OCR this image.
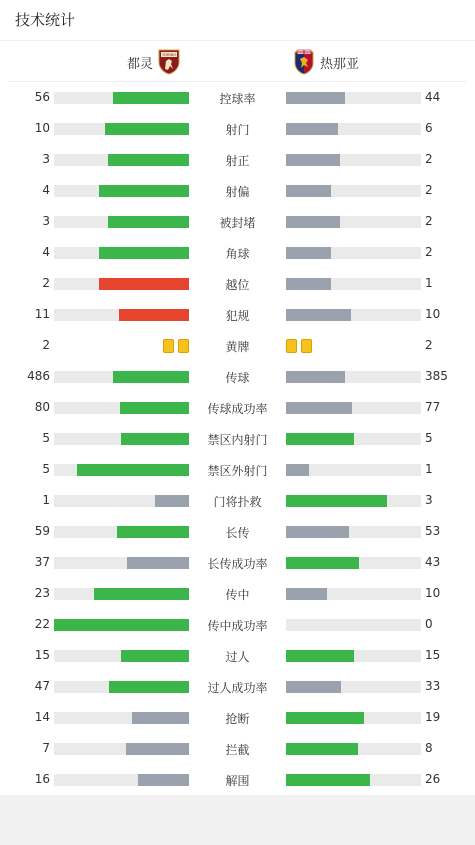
技术统计
都灵
TORINO
热那亚
56	控球率	44
10	射门	6
3	射正	2
4	射偏	2
3	被封堵	2
4	角球	2
2	越位	1
11	犯规	10
2	黄牌	2
486	传球	385
80	传球成功率	77
5	禁区内射门	5
5	禁区外射门	1
1	门将扑救	3
59	长传	53
37	长传成功率	43
23	传中	10
22	传中成功率	0
15	过人	15
47	过人成功率	33
14	抢断	19
7	拦截	8
16	解围	26
